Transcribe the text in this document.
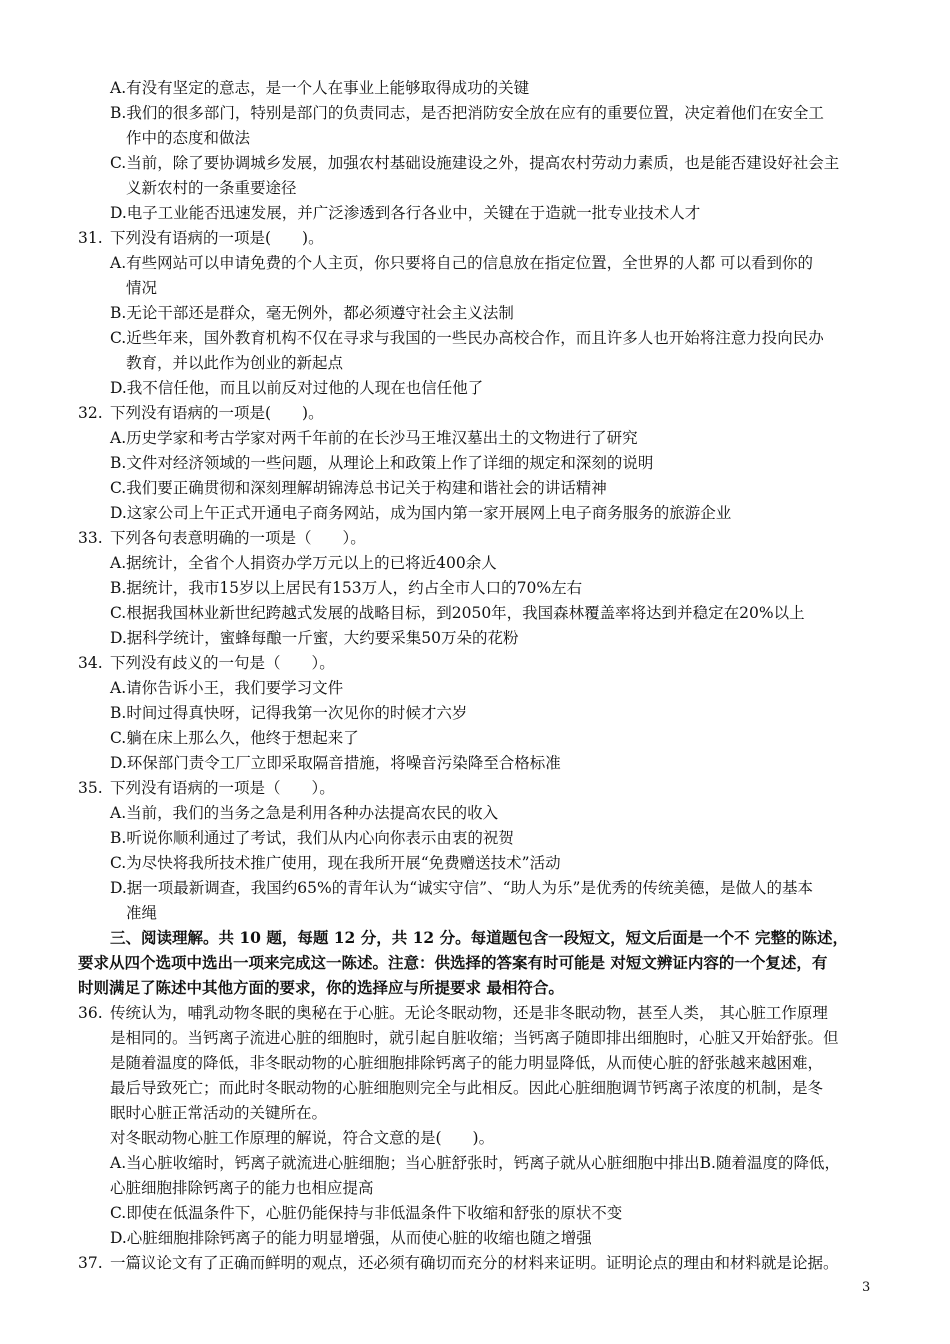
A.有没有坚定的意志，是一个人在事业上能够取得成功的关键
B.我们的很多部门，特别是部门的负责同志，是否把消防安全放在应有的重要位置，决定着他们在安全工
作中的态度和做法
C.当前，除了要协调城乡发展，加强农村基础设施建设之外，提高农村劳动力素质，也是能否建设好社会主
义新农村的一条重要途径
D.电子工业能否迅速发展，并广泛渗透到各行各业中，关键在于造就一批专业技术人才
31. 下列没有语病的一项是(　　)。
A.有些网站可以申请免费的个人主页，你只要将自己的信息放在指定位置，全世界的人都 可以看到你的
情况
B.无论干部还是群众，毫无例外，都必须遵守社会主义法制
C.近些年来，国外教育机构不仅在寻求与我国的一些民办高校合作，而且许多人也开始将注意力投向民办
教育，并以此作为创业的新起点
D.我不信任他，而且以前反对过他的人现在也信任他了
32. 下列没有语病的一项是(　　)。
A.历史学家和考古学家对两千年前的在长沙马王堆汉墓出土的文物进行了研究
B.文件对经济领域的一些问题，从理论上和政策上作了详细的规定和深刻的说明
C.我们要正确贯彻和深刻理解胡锦涛总书记关于构建和谐社会的讲话精神
D.这家公司上午正式开通电子商务网站，成为国内第一家开展网上电子商务服务的旅游企业
33. 下列各句表意明确的一项是（　　）。
A.据统计，全省个人捐资办学万元以上的已将近400余人
B.据统计，我市15岁以上居民有153万人，约占全市人口的70%左右
C.根据我国林业新世纪跨越式发展的战略目标，到2050年，我国森林覆盖率将达到并稳定在20%以上
D.据科学统计，蜜蜂每酿一斤蜜，大约要采集50万朵的花粉
34. 下列没有歧义的一句是（　　）。
A.请你告诉小王，我们要学习文件
B.时间过得真快呀，记得我第一次见你的时候才六岁
C.躺在床上那么久，他终于想起来了
D.环保部门责令工厂立即采取隔音措施，将噪音污染降至合格标准
35. 下列没有语病的一项是（　　）。
A.当前，我们的当务之急是利用各种办法提高农民的收入
B.听说你顺利通过了考试，我们从内心向你表示由衷的祝贺
C.为尽快将我所技术推广使用，现在我所开展“免费赠送技术”活动
D.据一项最新调查，我国约65%的青年认为“诚实守信”、“助人为乐”是优秀的传统美德，是做人的基本
准绳
三、阅读理解。共 10 题，每题 12 分，共 12 分。每道题包含一段短文，短文后面是一个不 完整的陈述，
要求从四个选项中选出一项来完成这一陈述。注意：供选择的答案有时可能是 对短文辨证内容的一个复述，有
时则满足了陈述中其他方面的要求，你的选择应与所提要求 最相符合。
36. 传统认为，哺乳动物冬眠的奥秘在于心脏。无论冬眠动物，还是非冬眠动物，甚至人类， 其心脏工作原理
是相同的。当钙离子流进心脏的细胞时，就引起自脏收缩；当钙离子随即排出细胞时，心脏又开始舒张。但
是随着温度的降低，非冬眠动物的心脏细胞排除钙离子的能力明显降低，从而使心脏的舒张越来越困难，
最后导致死亡；而此时冬眠动物的心脏细胞则完全与此相反。因此心脏细胞调节钙离子浓度的机制，是冬
眠时心脏正常活动的关键所在。
对冬眠动物心脏工作原理的解说，符合文意的是(　　)。
A.当心脏收缩时，钙离子就流进心脏细胞；当心脏舒张时，钙离子就从心脏细胞中排出B.随着温度的降低，
心脏细胞排除钙离子的能力也相应提高
C.即使在低温条件下，心脏仍能保持与非低温条件下收缩和舒张的原状不变
D.心脏细胞排除钙离子的能力明显增强，从而使心脏的收缩也随之增强
37. 一篇议论文有了正确而鲜明的观点，还必须有确切而充分的材料来证明。证明论点的理由和材料就是论据。
3
